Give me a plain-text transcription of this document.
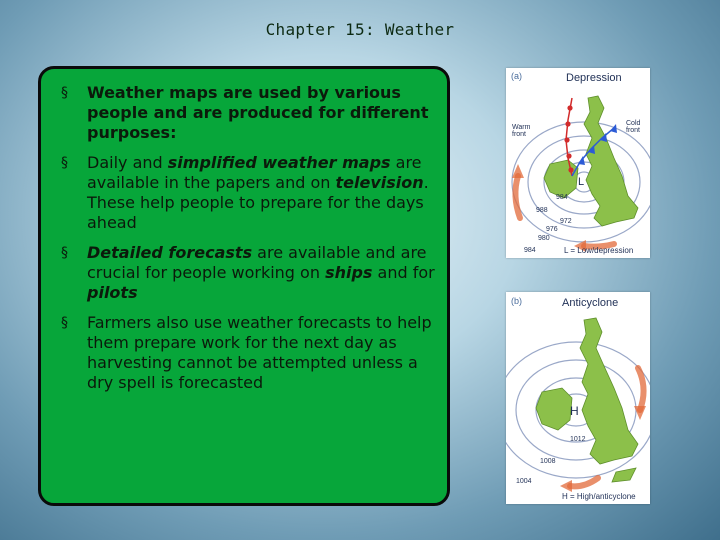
Chapter 15: Weather
§ Weather maps are used by various people and are produced for different purposes:
§ Daily and simplified weather maps are available in the papers and on television. These help people to prepare for the days ahead
§ Detailed forecasts are available and are crucial for people working on ships and for pilots
§ Farmers also use weather forecasts to help them prepare work for the next day as harvesting cannot be attempted unless a dry spell is forecasted
(a)	Depression
Warm
front
Cold
front
L
984
988
972
976
980
984	L = Low/depression
(b)	Anticyclone
H
1012
1008
1004
H = High/anticyclone
